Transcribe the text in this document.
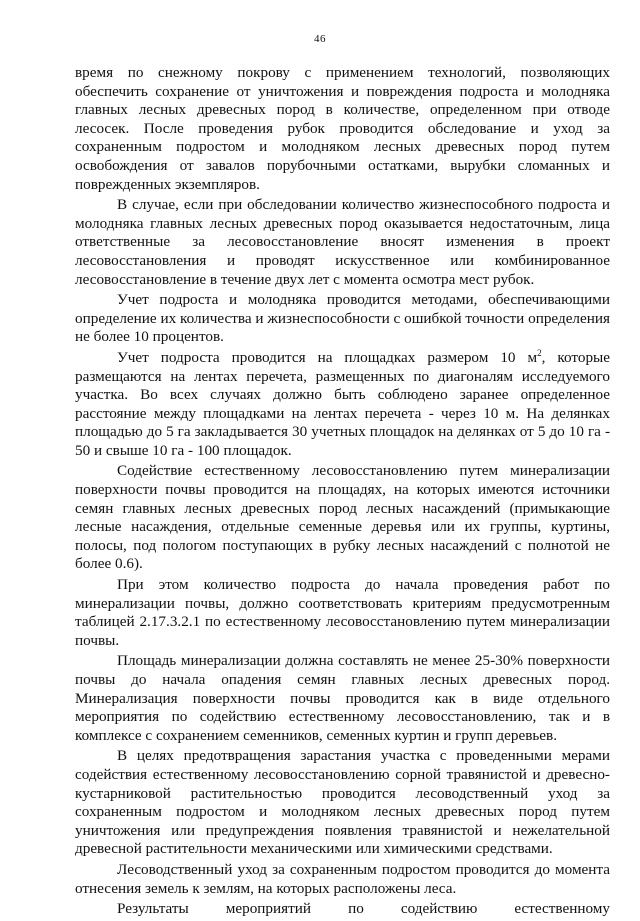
46

время по снежному покрову с применением технологий, позволяющих обеспечить сохранение от уничтожения и повреждения подроста и молодняка главных лесных древесных пород в количестве, определенном при отводе лесосек. После проведения рубок проводится обследование и уход за сохраненным подростом и молодняком лесных древесных пород путем освобождения от завалов порубочными остатками, вырубки сломанных и поврежденных экземпляров.

В случае, если при обследовании количество жизнеспособного подроста и молодняка главных лесных древесных пород оказывается недостаточным, лица ответственные за лесовосстановление вносят изменения в проект лесовосстановления и проводят искусственное или комбинированное лесовосстановление в течение двух лет с момента осмотра мест рубок.

Учет подроста и молодняка проводится методами, обеспечивающими определение их количества и жизнеспособности с ошибкой точности определения не более 10 процентов.

Учет подроста проводится на площадках размером 10 $м^2$, которые размещаются на лентах перечета, размещенных по диагоналям исследуемого участка. Во всех случаях должно быть соблюдено заранее определенное расстояние между площадками на лентах перечета - через 10 м. На делянках площадью до 5 га закладывается 30 учетных площадок на делянках от 5 до 10 га - 50 и свыше 10 га - 100 площадок.

Содействие естественному лесовосстановлению путем минерализации поверхности почвы проводится на площадях, на которых имеются источники семян главных лесных древесных пород лесных насаждений (примыкающие лесные насаждения, отдельные семенные деревья или их группы, куртины, полосы, под пологом поступающих в рубку лесных насаждений с полнотой не более 0.6).

При этом количество подроста до начала проведения работ по минерализации почвы, должно соответствовать критериям предусмотренным таблицей 2.17.3.2.1 по естественному лесовосстановлению путем минерализации почвы.

Площадь минерализации должна составлять не менее 25-30% поверхности почвы до начала опадения семян главных лесных древесных пород. Минерализация поверхности почвы проводится как в виде отдельного мероприятия по содействию естественному лесовосстановлению, так и в комплексе с сохранением семенников, семенных куртин и групп деревьев.

В целях предотвращения зарастания участка с проведенными мерами содействия естественному лесовосстановлению сорной травянистой и древесно-кустарниковой растительностью проводится лесоводственный уход за сохраненным подростом и молодняком лесных древесных пород путем уничтожения или предупреждения появления травянистой и нежелательной древесной растительности механическими или химическими средствами.

Лесоводственный уход за сохраненным подростом проводится до момента отнесения земель к землям, на которых расположены леса.

Результаты мероприятий по содействию естественному
